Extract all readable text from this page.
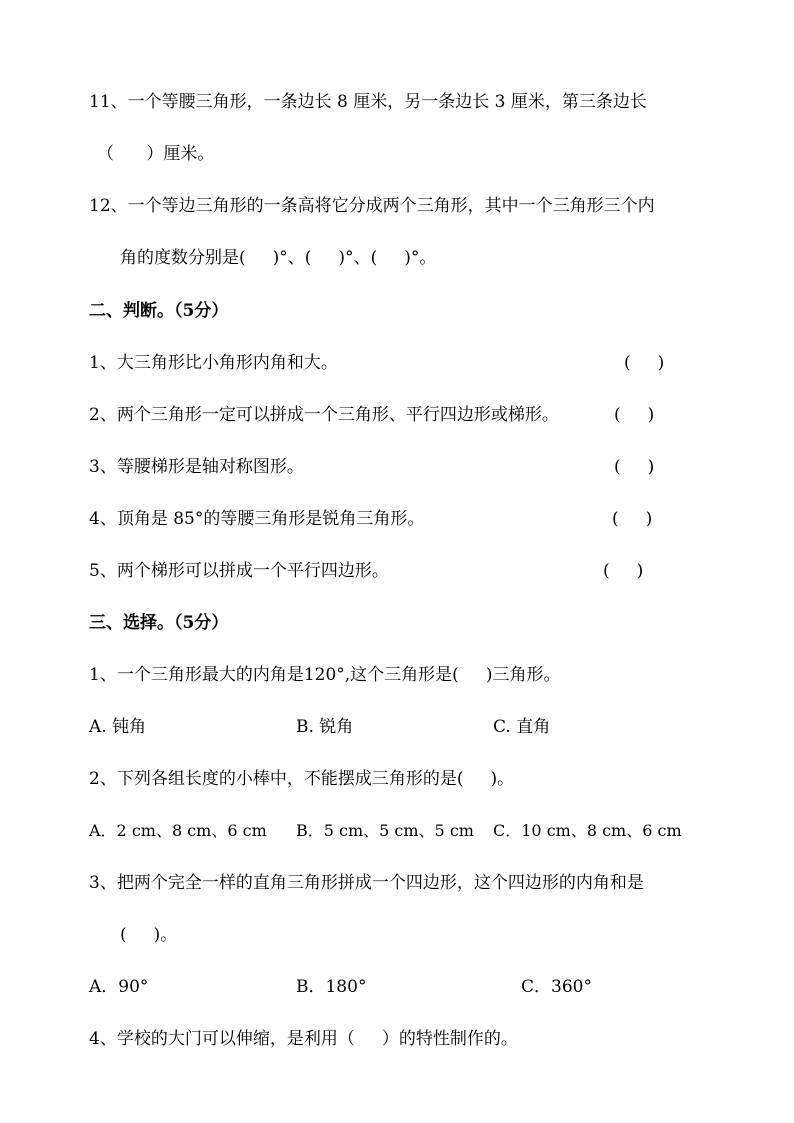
11、一个等腰三角形，一条边长 8 厘米，另一条边长 3 厘米，第三条边长
（      ）厘米。
12、一个等边三角形的一条高将它分成两个三角形，其中一个三角形三个内
角的度数分别是(     )°、(     )°、(     )°。
二、判断。（5分）
1、大三角形比小角形内角和大。	(     )
2、两个三角形一定可以拼成一个三角形、平行四边形或梯形。	(     )
3、等腰梯形是轴对称图形。	(     )
4、顶角是 85°的等腰三角形是锐角三角形。	(     )
5、两个梯形可以拼成一个平行四边形。	(     )
三、选择。（5分）
1、一个三角形最大的内角是120°,这个三角形是(     )三角形。
A. 钝角	B. 锐角	C. 直角
2、下列各组长度的小棒中，不能摆成三角形的是(     )。
A．2 cm、8 cm、6 cm B．5 cm、5 cm、5 cm C．10 cm、8 cm、6 cm
3、把两个完全一样的直角三角形拼成一个四边形，这个四边形的内角和是
(     )。
A．90°	B．180°	C．360°
4、学校的大门可以伸缩，是利用（     ）的特性制作的。
